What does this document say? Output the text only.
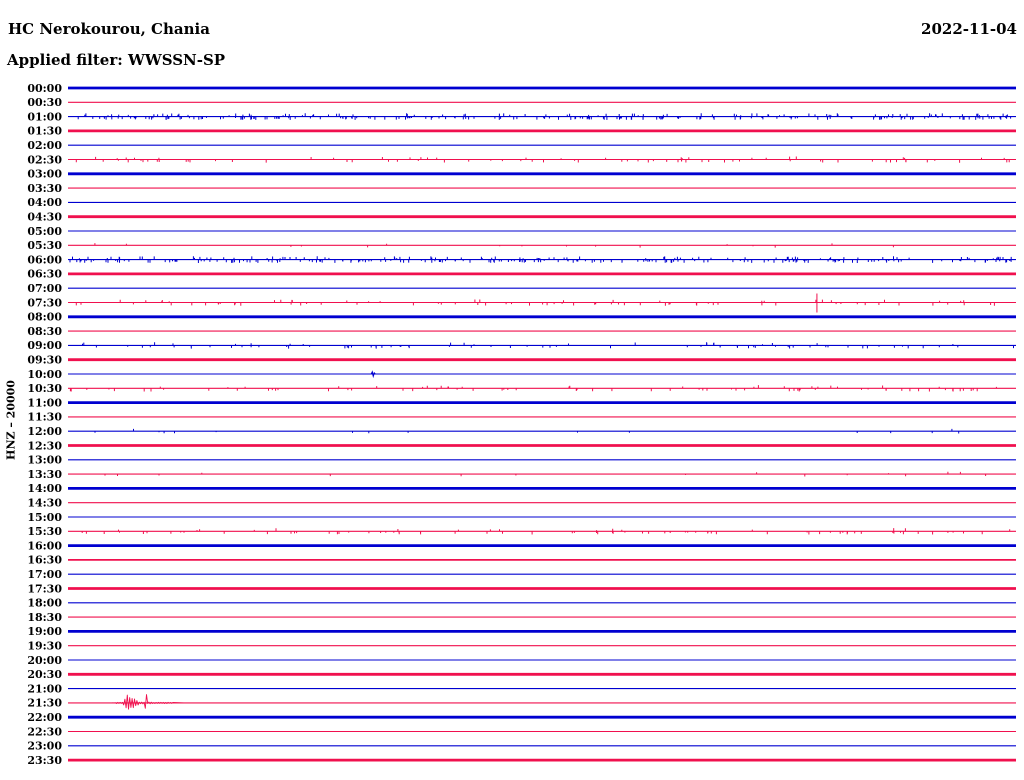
HC Nerokourou, Chania	2022-11-04
Applied filter: WWSSN-SP
HNZ – 20000
00:00
00:30
01:00
01:30
02:00
02:30
03:00
03:30
04:00
04:30
05:00
05:30
06:00
06:30
07:00
07:30
08:00
08:30
09:00
09:30
10:00
10:30
11:00
11:30
12:00
12:30
13:00
13:30
14:00
14:30
15:00
15:30
16:00
16:30
17:00
17:30
18:00
18:30
19:00
19:30
20:00
20:30
21:00
21:30
22:00
22:30
23:00
23:30
